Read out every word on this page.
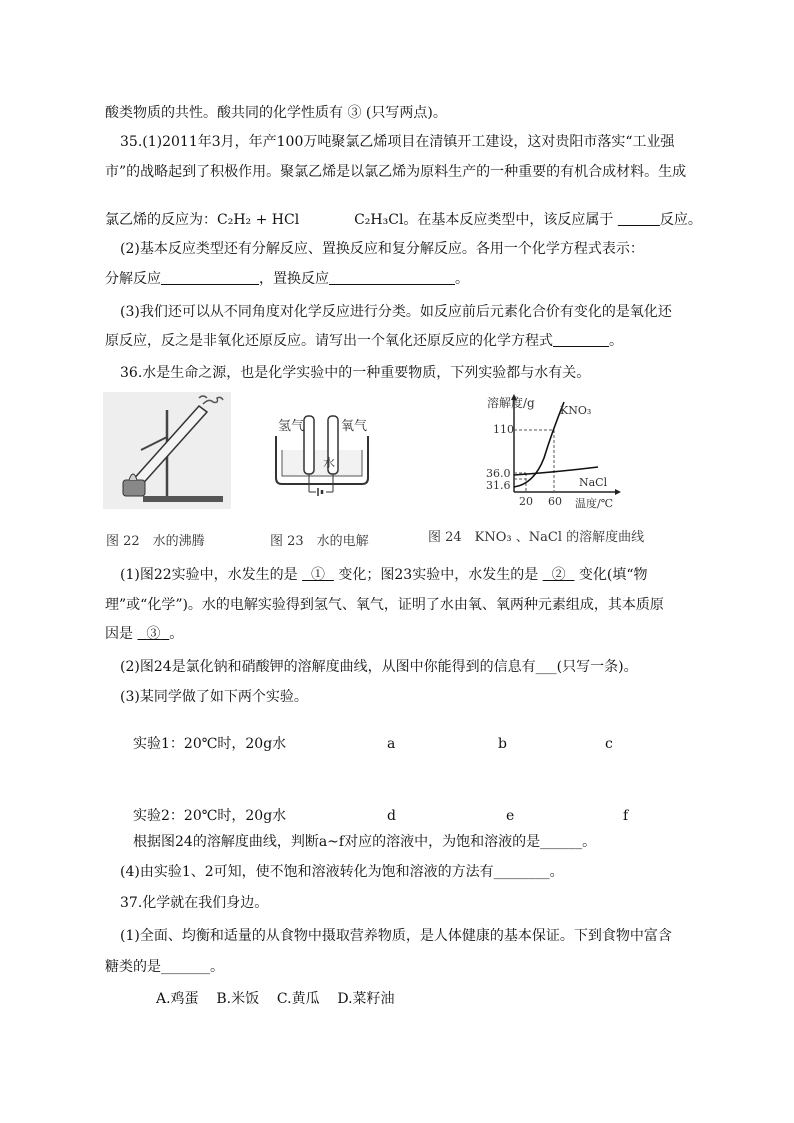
酸类物质的共性。酸共同的化学性质有 ③ (只写两点)。
35.(1)2011年3月，年产100万吨聚氯乙烯项目在清镇开工建设，这对贵阳市落实“工业强
市”的战略起到了积极作用。聚氯乙烯是以氯乙烯为原料生产的一种重要的有机合成材料。生成
氯乙烯的反应为：C₂H₂ + HCl	C₂H₃Cl。在基本反应类型中，该反应属于 　　　	反应。
(2)基本反应类型还有分解反应、置换反应和复分解反应。各用一个化学方程式表示：
分解反应　　　　　　　	，置换反应　　　　　　　　　	。
(3)我们还可以从不同角度对化学反应进行分类。如反应前后元素化合价有变化的是氧化还
原反应，反之是非氧化还原反应。请写出一个氧化还原反应的化学方程式　　　　	。
36.水是生命之源，也是化学实验中的一种重要物质，下列实验都与水有关。
氢气	氧气
水
溶解度/g
KNO₃
NaCl
110
36.0
31.6
20 60 温度/℃
图 22　水的沸腾	图 23　水的电解	图 24　KNO₃ 、NaCl 的溶解度曲线
(1)图22实验中，水发生的是 ① 变化；图23实验中，水发生的是 ② 变化(填“物
理”或“化学”)。水的电解实验得到氢气、氧气，证明了水由氧、氧两种元素组成，其本质原
因是 ③ 。
(2)图24是氯化钠和硝酸钾的溶解度曲线，从图中你能得到的信息有___(只写一条)。
(3)某同学做了如下两个实验。
实验1：20℃时，20g水	a	b	c
实验2：20℃时，20g水	d	e	f
根据图24的溶解度曲线，判断a~f对应的溶液中，为饱和溶液的是______。
(4)由实验1、2可知，使不饱和溶液转化为饱和溶液的方法有________。
37.化学就在我们身边。
(1)全面、均衡和适量的从食物中摄取营养物质，是人体健康的基本保证。下到食物中富含
糖类的是_______。
A.鸡蛋    B.米饭    C.黄瓜    D.菜籽油
